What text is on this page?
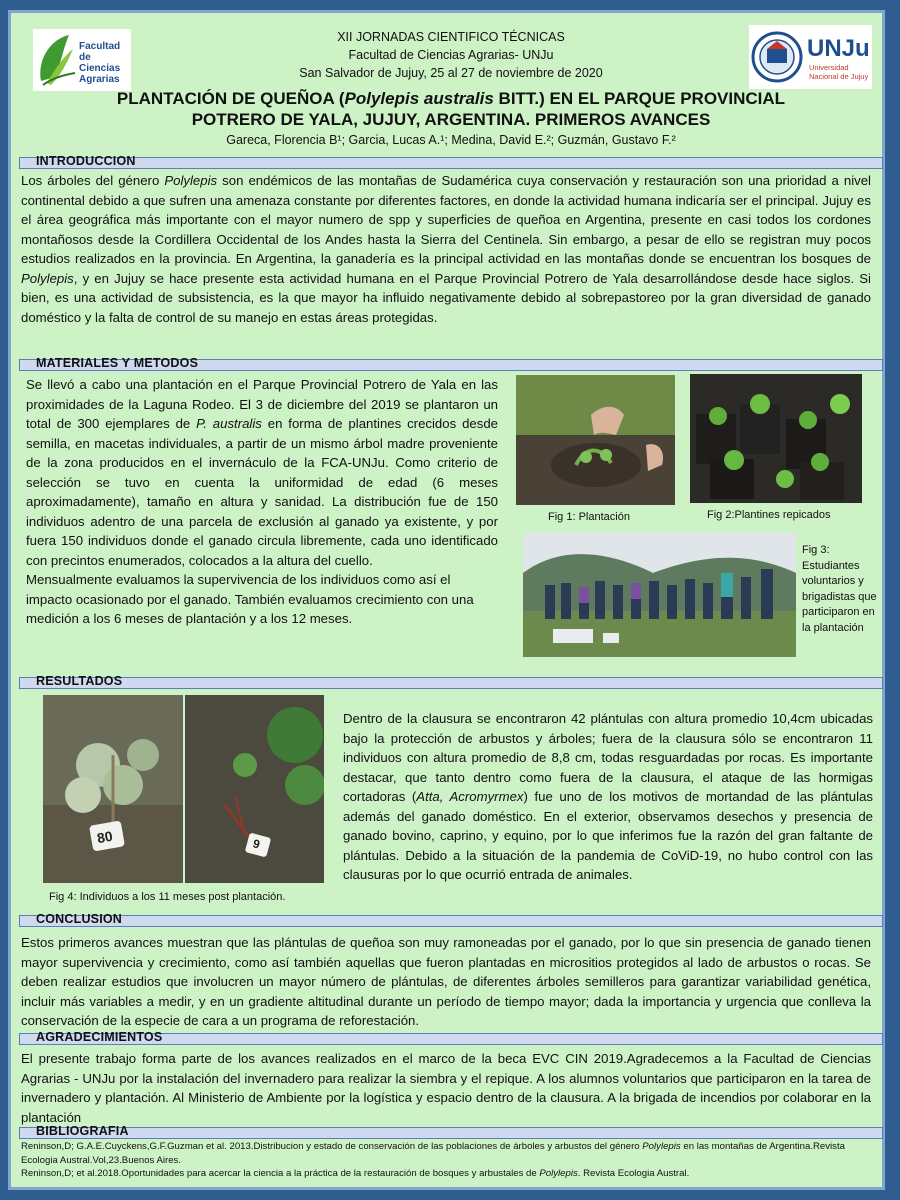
Facultad
de Ciencias
Agrarias
XII JORNADAS CIENTIFICO TÉCNICAS
Facultad de Ciencias Agrarias- UNJu
San Salvador de Jujuy, 25 al 27 de noviembre de 2020
UNJu
Universidad
Nacional de Jujuy
PLANTACIÓN DE QUEÑOA (Polylepis australis BITT.) EN EL PARQUE PROVINCIAL
POTRERO DE YALA, JUJUY, ARGENTINA. PRIMEROS AVANCES
Gareca, Florencia B¹; Garcia, Lucas A.¹; Medina, David E.²; Guzmán, Gustavo F.²
INTRODUCCION
Los árboles del género Polylepis son endémicos de las montañas de Sudamérica cuya conservación y restauración son una prioridad a nivel continental debido a que sufren una amenaza constante por diferentes factores, en donde la actividad humana indicaría ser el principal. Jujuy es el área geográfica más importante con el mayor numero de spp y superficies de queñoa en Argentina, presente en casi todos los cordones montañosos desde la Cordillera Occidental de los Andes hasta la Sierra del Centinela. Sin embargo, a pesar de ello se registran muy pocos estudios realizados en la provincia. En Argentina, la ganadería es la principal actividad en las montañas donde se encuentran los bosques de Polylepis, y en Jujuy se hace presente esta actividad humana en el Parque Provincial Potrero de Yala desarrollándose desde hace siglos. Si bien, es una actividad de subsistencia, es la que mayor ha influido negativamente debido al sobrepastoreo por la gran diversidad de ganado doméstico y la falta de control de su manejo en estas áreas protegidas.
MATERIALES Y METODOS
Se llevó a cabo una plantación en el Parque Provincial Potrero de Yala en las proximidades de la Laguna Rodeo. El 3 de diciembre del 2019 se plantaron un total de 300 ejemplares de P. australis en forma de plantines crecidos desde semilla, en macetas individuales, a partir de un mismo árbol madre proveniente de la zona producidos en el invernáculo de la FCA-UNJu. Como criterio de selección se tuvo en cuenta la uniformidad de edad (6 meses aproximadamente), tamaño en altura y sanidad. La distribución fue de 150 individuos adentro de una parcela de exclusión al ganado ya existente, y por fuera 150 individuos donde el ganado circula libremente, cada uno identificado con precintos enumerados, colocados a la altura del cuello.
Mensualmente evaluamos la supervivencia de los individuos como así el impacto ocasionado por el ganado. También evaluamos crecimiento con una medición a los 6 meses de plantación y a los 12 meses.
Fig 1: Plantación	Fig 2:Plantines repicados
Fig 3: Estudiantes voluntarios y brigadistas que participaron en la plantación
RESULTADOS
80	9
Fig 4: Individuos a los 11 meses post plantación.
Dentro de la clausura se encontraron 42 plántulas con altura promedio 10,4cm ubicadas bajo la protección de arbustos y árboles; fuera de la clausura sólo se encontraron 11 individuos con altura promedio de 8,8 cm, todas resguardadas por rocas. Es importante destacar, que tanto dentro como fuera de la clausura, el ataque de las hormigas cortadoras (Atta, Acromyrmex) fue uno de los motivos de mortandad de las plántulas además del ganado doméstico. En el exterior, observamos desechos y presencia de ganado bovino, caprino, y equino, por lo que inferimos fue la razón del gran faltante de plántulas. Debido a la situación de la pandemia de CoViD-19, no hubo control con las clausuras por lo que ocurrió entrada de animales.
CONCLUSION
Estos primeros avances muestran que las plántulas de queñoa son muy ramoneadas por el ganado, por lo que sin presencia de ganado tienen mayor supervivencia y crecimiento, como así también aquellas que fueron plantadas en micrositios protegidos al lado de arbustos o rocas. Se deben realizar estudios que involucren un mayor número de plántulas, de diferentes árboles semilleros para garantizar variabilidad genética, incluir más variables a medir, y en un gradiente altitudinal durante un período de tiempo mayor; dada la importancia y urgencia que conlleva la conservación de la especie de cara a un programa de reforestación.
AGRADECIMIENTOS
El presente trabajo forma parte de los avances realizados en el marco de la beca EVC CIN 2019.Agradecemos a la Facultad de Ciencias Agrarias - UNJu por la instalación del invernadero para realizar la siembra y el repique. A los alumnos voluntarios que participaron en la tarea de invernadero y plantación. Al Ministerio de Ambiente por la logística y espacio dentro de la clausura. A la brigada de incendios por colaborar en la plantación
BIBLIOGRAFIA
Reninson,D; G.A.E.Cuyckens,G.F.Guzman et al. 2013.Distribucion y estado de conservación de las poblaciones de árboles y arbustos del género Polylepis en las montañas de Argentina.Revista Ecologia Austral.Vol,23.Buenos Aires.
Reninson,D; et al.2018.Oportunidades para acercar la ciencia a la práctica de la restauración de bosques y arbustales de Polylepis. Revista Ecologia Austral.
